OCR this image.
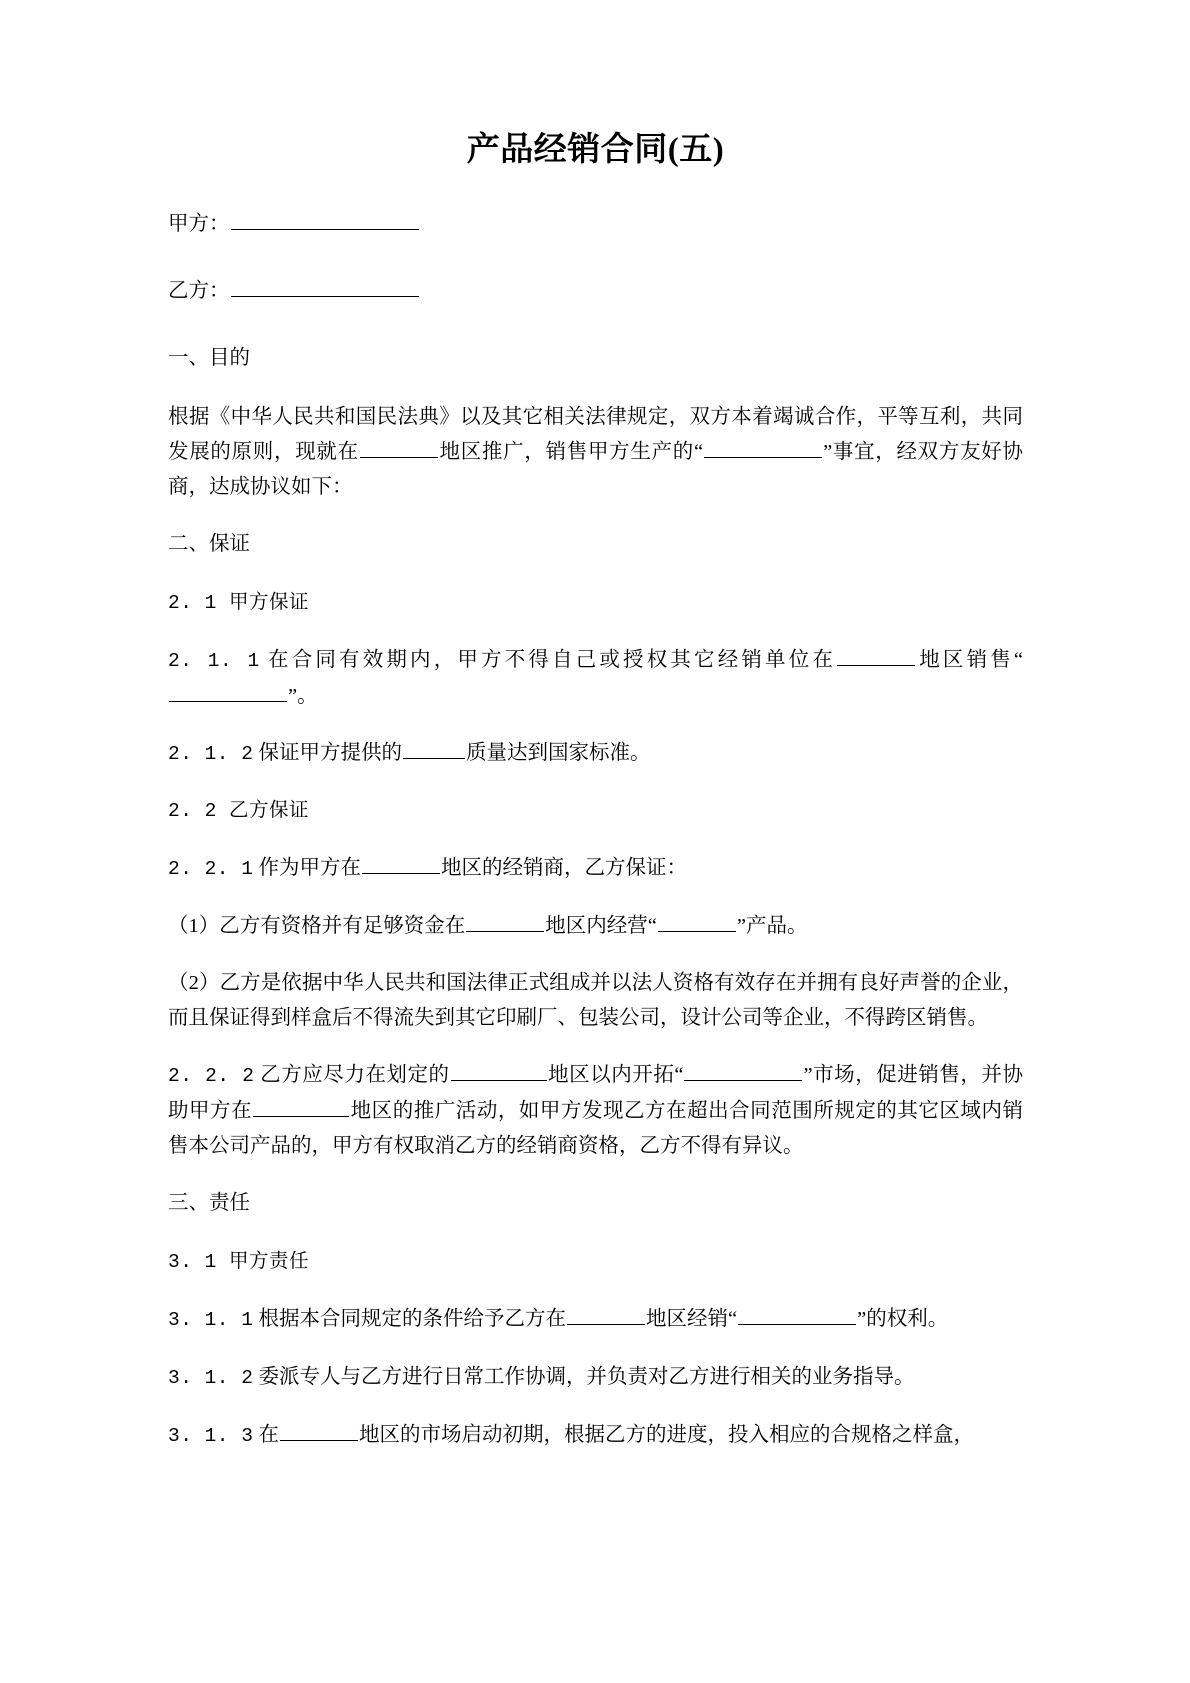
产品经销合同(五)

甲方：

乙方：

一、目的

根据《中华人民共和国民法典》以及其它相关法律规定，双方本着竭诚合作，平等互利，共同发展的原则，现就在	地区推广，销售甲方生产的“	”事宜，经双方友好协商，达成协议如下：

二、保证

2. 1 甲方保证

2. 1. 1 在合同有效期内，甲方不得自己或授权其它经销单位在	地区销售“”。

2. 1. 2 保证甲方提供的	质量达到国家标准。

2. 2 乙方保证

2. 2. 1 作为甲方在	地区的经销商，乙方保证：

（1）乙方有资格并有足够资金在	地区内经营“	”产品。

（2）乙方是依据中华人民共和国法律正式组成并以法人资格有效存在并拥有良好声誉的企业，而且保证得到样盒后不得流失到其它印刷厂、包装公司，设计公司等企业，不得跨区销售。

2. 2. 2 乙方应尽力在划定的	地区以内开拓“	”市场，促进销售，并协助甲方在	地区的推广活动，如甲方发现乙方在超出合同范围所规定的其它区域内销售本公司产品的，甲方有权取消乙方的经销商资格，乙方不得有异议。

三、责任

3. 1 甲方责任

3. 1. 1 根据本合同规定的条件给予乙方在	地区经销“	”的权利。

3. 1. 2 委派专人与乙方进行日常工作协调，并负责对乙方进行相关的业务指导。

3. 1. 3 在	地区的市场启动初期，根据乙方的进度，投入相应的合规格之样盒，
